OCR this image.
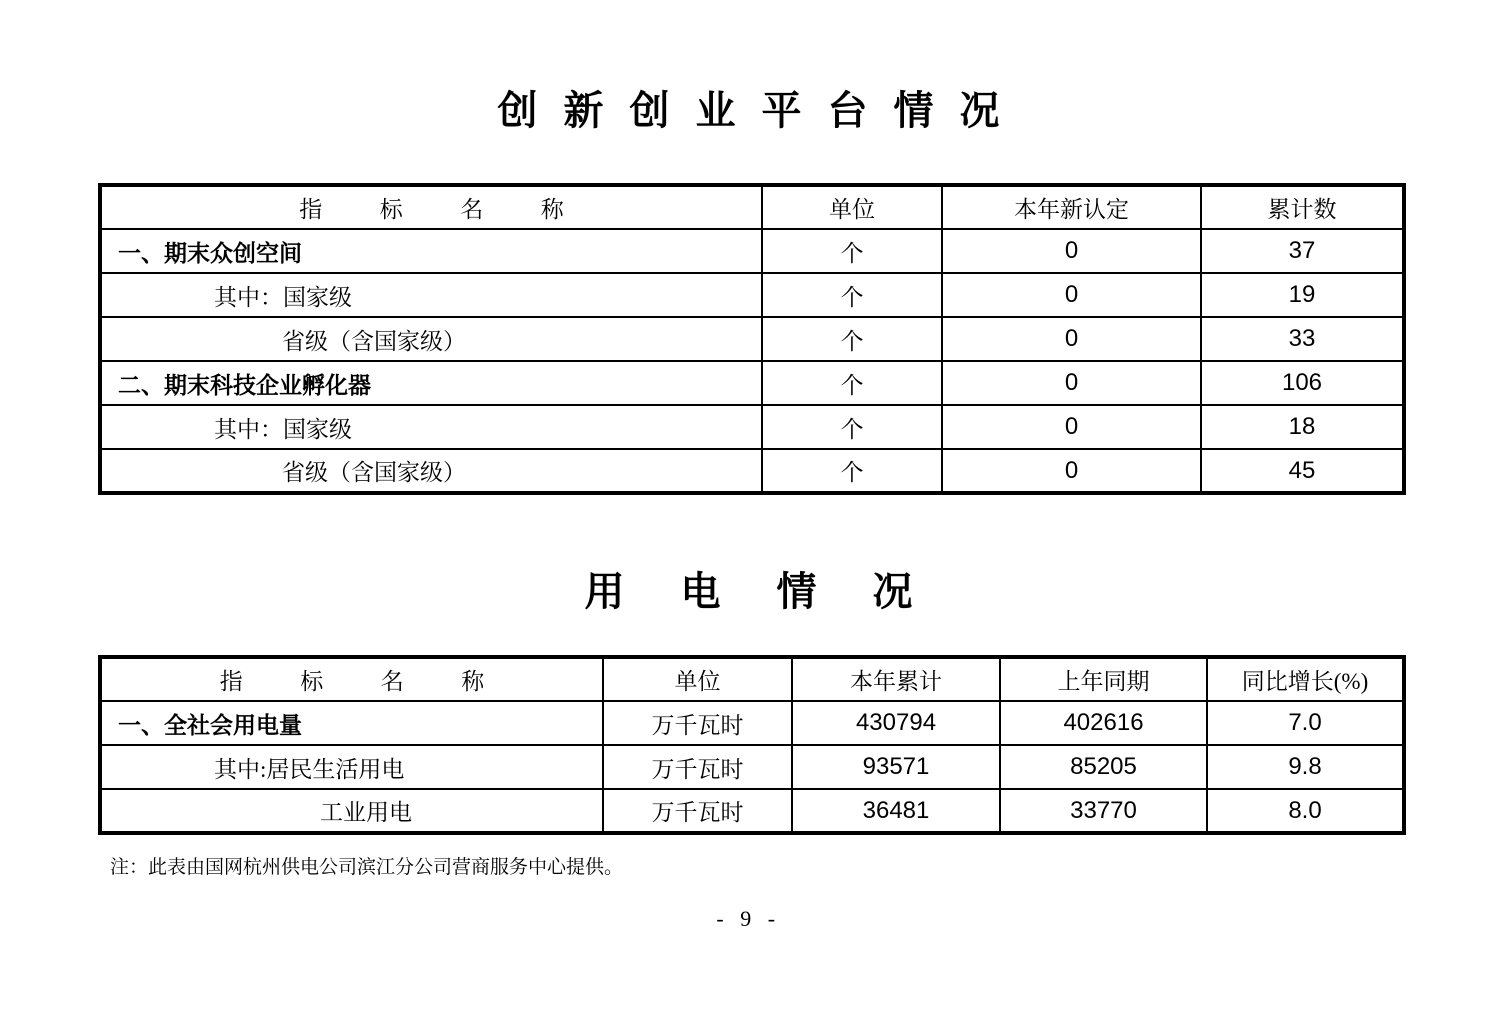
创新创业平台情况
指标名称	单位	本年新认定	累计数
一、期末众创空间	个	0	37
其中：国家级	个	0	19
省级（含国家级）	个	0	33
二、期末科技企业孵化器	个	0	106
其中：国家级	个	0	18
省级（含国家级）	个	0	45
用电情况
指标名称	单位	本年累计	上年同期	同比增长(%)
一、全社会用电量	万千瓦时	430794	402616	7.0
其中:居民生活用电	万千瓦时	93571	85205	9.8
工业用电	万千瓦时	36481	33770	8.0
注：此表由国网杭州供电公司滨江分公司营商服务中心提供。
- 9 -
